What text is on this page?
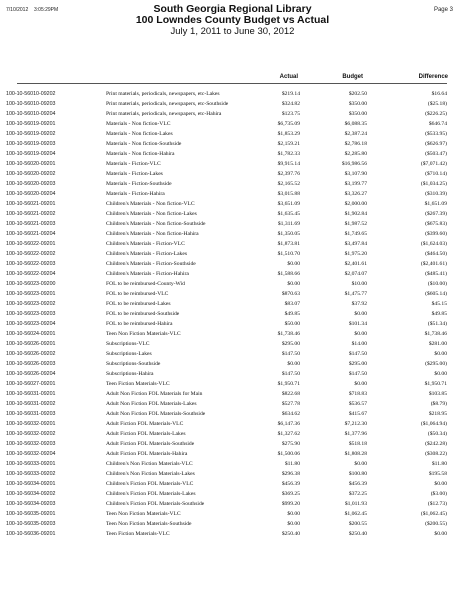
7/10/2012 3:05:29PM	Page 3
South Georgia Regional Library
100 Lowndes County Budget vs Actual
July 1, 2011 to June 30, 2012
Actual	Budget	Difference
100-10-56010-09202	Print materials, periodicals, newspapers, etc-Lakes	$219.14	$202.50	$16.64
100-10-56010-09203	Print materials, periodicals, newspapers, etc-Southside	$324.82	$350.00	($25.18)
100-10-56010-09204	Print materials, periodicals, newspapers, etc-Hahira	$123.75	$350.00	($226.25)
100-10-56019-09201	Materials - Non fiction-VLC	$6,735.09	$6,088.35	$646.74
100-10-56019-09202	Materials - Non fiction-Lakes	$1,853.29	$2,387.24	($533.95)
100-10-56019-09203	Materials - Non fiction-Southside	$2,159.21	$2,786.18	($626.97)
100-10-56019-09204	Materials - Non fiction-Hahira	$1,782.33	$2,285.80	($503.47)
100-10-56020-09201	Materials - Fiction-VLC	$9,915.14	$16,986.56	($7,071.42)
100-10-56020-09202	Materials - Fiction-Lakes	$2,397.76	$3,107.90	($710.14)
100-10-56020-09203	Materials - Fiction-Southside	$2,165.52	$3,199.77	($1,034.25)
100-10-56020-09204	Materials - Fiction-Hahira	$3,015.88	$3,326.27	($310.39)
100-10-56021-09201	Children's Materials - Non fiction-VLC	$3,651.09	$2,000.00	$1,651.09
100-10-56021-09202	Children's Materials - Non fiction-Lakes	$1,635.45	$1,902.84	($267.39)
100-10-56021-09203	Children's Materials - Non fiction-Southside	$1,311.69	$1,987.52	($675.83)
100-10-56021-09204	Children's Materials - Non fiction-Hahira	$1,350.05	$1,749.65	($399.60)
100-10-56022-09201	Children's Materials - Fiction-VLC	$1,873.81	$3,497.84	($1,624.03)
100-10-56022-09202	Children's Materials - Fiction-Lakes	$1,510.70	$1,975.20	($464.50)
100-10-56022-09203	Children's Materials - Fiction-Southside	$0.00	$2,401.61	($2,401.61)
100-10-56022-09204	Children's Materials - Fiction-Hahira	$1,588.66	$2,074.07	($485.41)
100-10-56023-09200	FOL to be reimbursed-County-Wid	$0.00	$10.00	($10.00)
100-10-56023-09201	FOL to be reimbursed-VLC	$870.63	$1,475.77	($605.14)
100-10-56023-09202	FOL to be reimbursed-Lakes	$83.07	$37.92	$45.15
100-10-56023-09203	FOL to be reimbursed-Southside	$49.85	$0.00	$49.85
100-10-56023-09204	FOL to be reimbursed-Hahira	$50.00	$101.34	($51.34)
100-10-56024-09201	Teen Non Fiction Materials-VLC	$1,738.46	$0.00	$1,738.46
100-10-56026-09201	Subscriptions-VLC	$295.00	$14.00	$281.00
100-10-56026-09202	Subscriptions-Lakes	$147.50	$147.50	$0.00
100-10-56026-09203	Subscriptions-Southside	$0.00	$295.00	($295.00)
100-10-56026-09204	Subscriptions-Hahira	$147.50	$147.50	$0.00
100-10-56027-09201	Teen Fiction Materials-VLC	$1,950.71	$0.00	$1,950.71
100-10-56031-09201	Adult Non Fiction FOL Materials for Main	$822.68	$718.83	$103.85
100-10-56031-09202	Adult Non Fiction FOL Materials-Lakes	$527.78	$536.57	($8.79)
100-10-56031-09203	Adult Non Fiction FOL Materials-Southside	$634.62	$415.67	$218.95
100-10-56032-09201	Adult Fiction FOL Materials-VLC	$6,147.36	$7,212.30	($1,064.94)
100-10-56032-09202	Adult Fiction FOL Materials-Lakes	$1,327.62	$1,377.96	($50.34)
100-10-56032-09203	Adult Fiction FOL Materials-Southside	$275.90	$518.18	($242.28)
100-10-56032-09204	Adult Fiction FOL Materials-Hahira	$1,500.06	$1,808.28	($308.22)
100-10-56033-09201	Children's Non Fiction Materials-VLC	$11.80	$0.00	$11.80
100-10-56033-09202	Children's Non Fiction Materials-Lakes	$296.38	$100.80	$195.58
100-10-56034-09201	Children's Fiction FOL Materials-VLC	$456.39	$456.39	$0.00
100-10-56034-09202	Children's Fiction FOL Materials-Lakes	$369.25	$372.25	($3.00)
100-10-56034-09203	Children's Fiction FOL Materials-Southside	$999.20	$1,011.93	($12.73)
100-10-56035-09201	Teen Non Fiction Materials-VLC	$0.00	$1,062.45	($1,062.45)
100-10-56035-09203	Teen Non Fiction Materials-Southside	$0.00	$200.55	($200.55)
100-10-56036-09201	Teen Fiction Materials-VLC	$250.40	$250.40	$0.00
